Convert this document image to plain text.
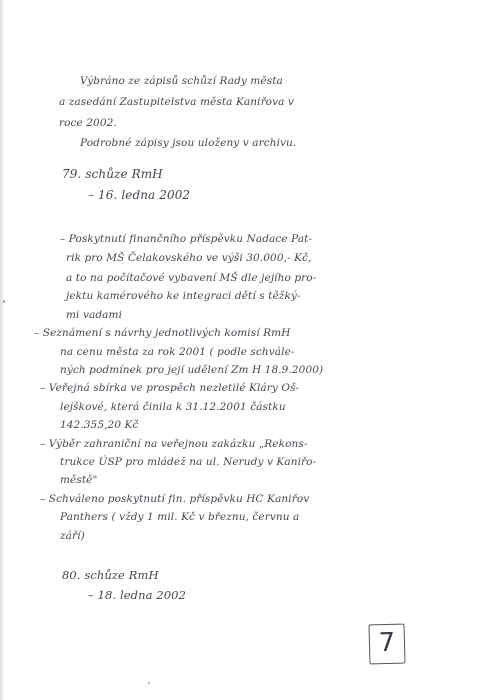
Výbráno ze zápisů schůzí Rady města
a zasedání Zastupitelstva města Kaniřova v
roce 2002.
Podrobné zápisy jsou uloženy v archivu.
79. schůze RmH
– 16. ledna 2002
– Poskytnutí finančního příspěvku Nadace Pat-
rik pro MŠ Čelakovského ve výši 30.000,- Kč,
a to na počítačové vybavení MŠ dle jejího pro-
jektu kamérového ke integraci dětí s těžký-
mi vadami
– Seznámení s návrhy jednotlivých komisí RmH
na cenu města za rok 2001 ( podle schvále-
ných podmínek pro její udělení Zm H 18.9.2000)
– Veřejná sbírka ve prospěch nezletilé Kláry Oš-
lejškové, která činila k 31.12.2001 částku
142.355,20 Kč
– Výběr zahraniční na veřejnou zakázku „Rekons-
trukce ÚSP pro mládež na ul. Nerudy v Kaniřo-
městě"
– Schváleno poskytnutí fin. příspěvku HC Kaniřov
Panthers ( vždy 1 mil. Kč v březnu, červnu a
září)
80. schůze RmH
– 18. ledna 2002
7
